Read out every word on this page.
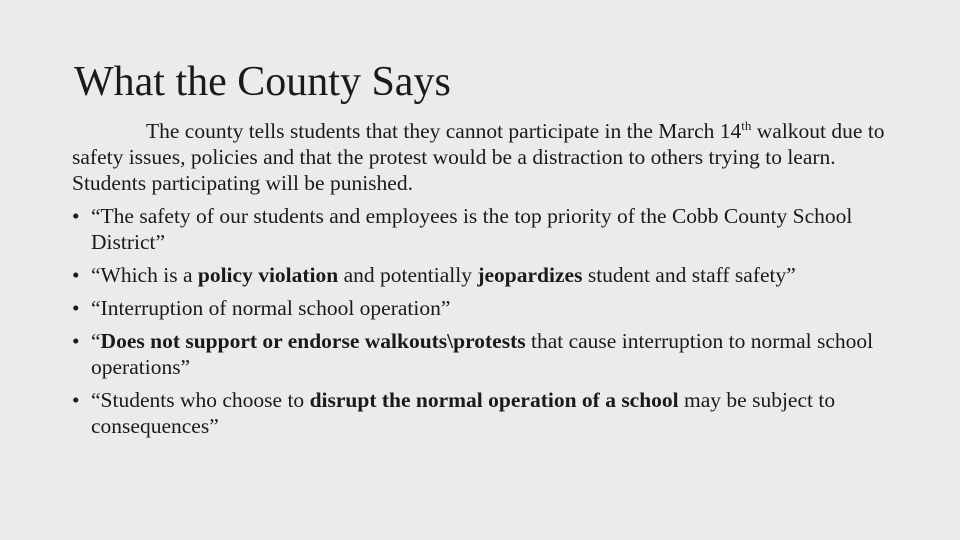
What the County Says

The county tells students that they cannot participate in the March 14th walkout due to safety issues, policies and that the protest would be a distraction to others trying to learn. Students participating will be punished.

• “The safety of our students and employees is the top priority of the Cobb County School District”
• “Which is a policy violation and potentially jeopardizes student and staff safety”
• “Interruption of normal school operation”
• “Does not support or endorse walkouts\protests that cause interruption to normal school operations”
• “Students who choose to disrupt the normal operation of a school may be subject to consequences”
